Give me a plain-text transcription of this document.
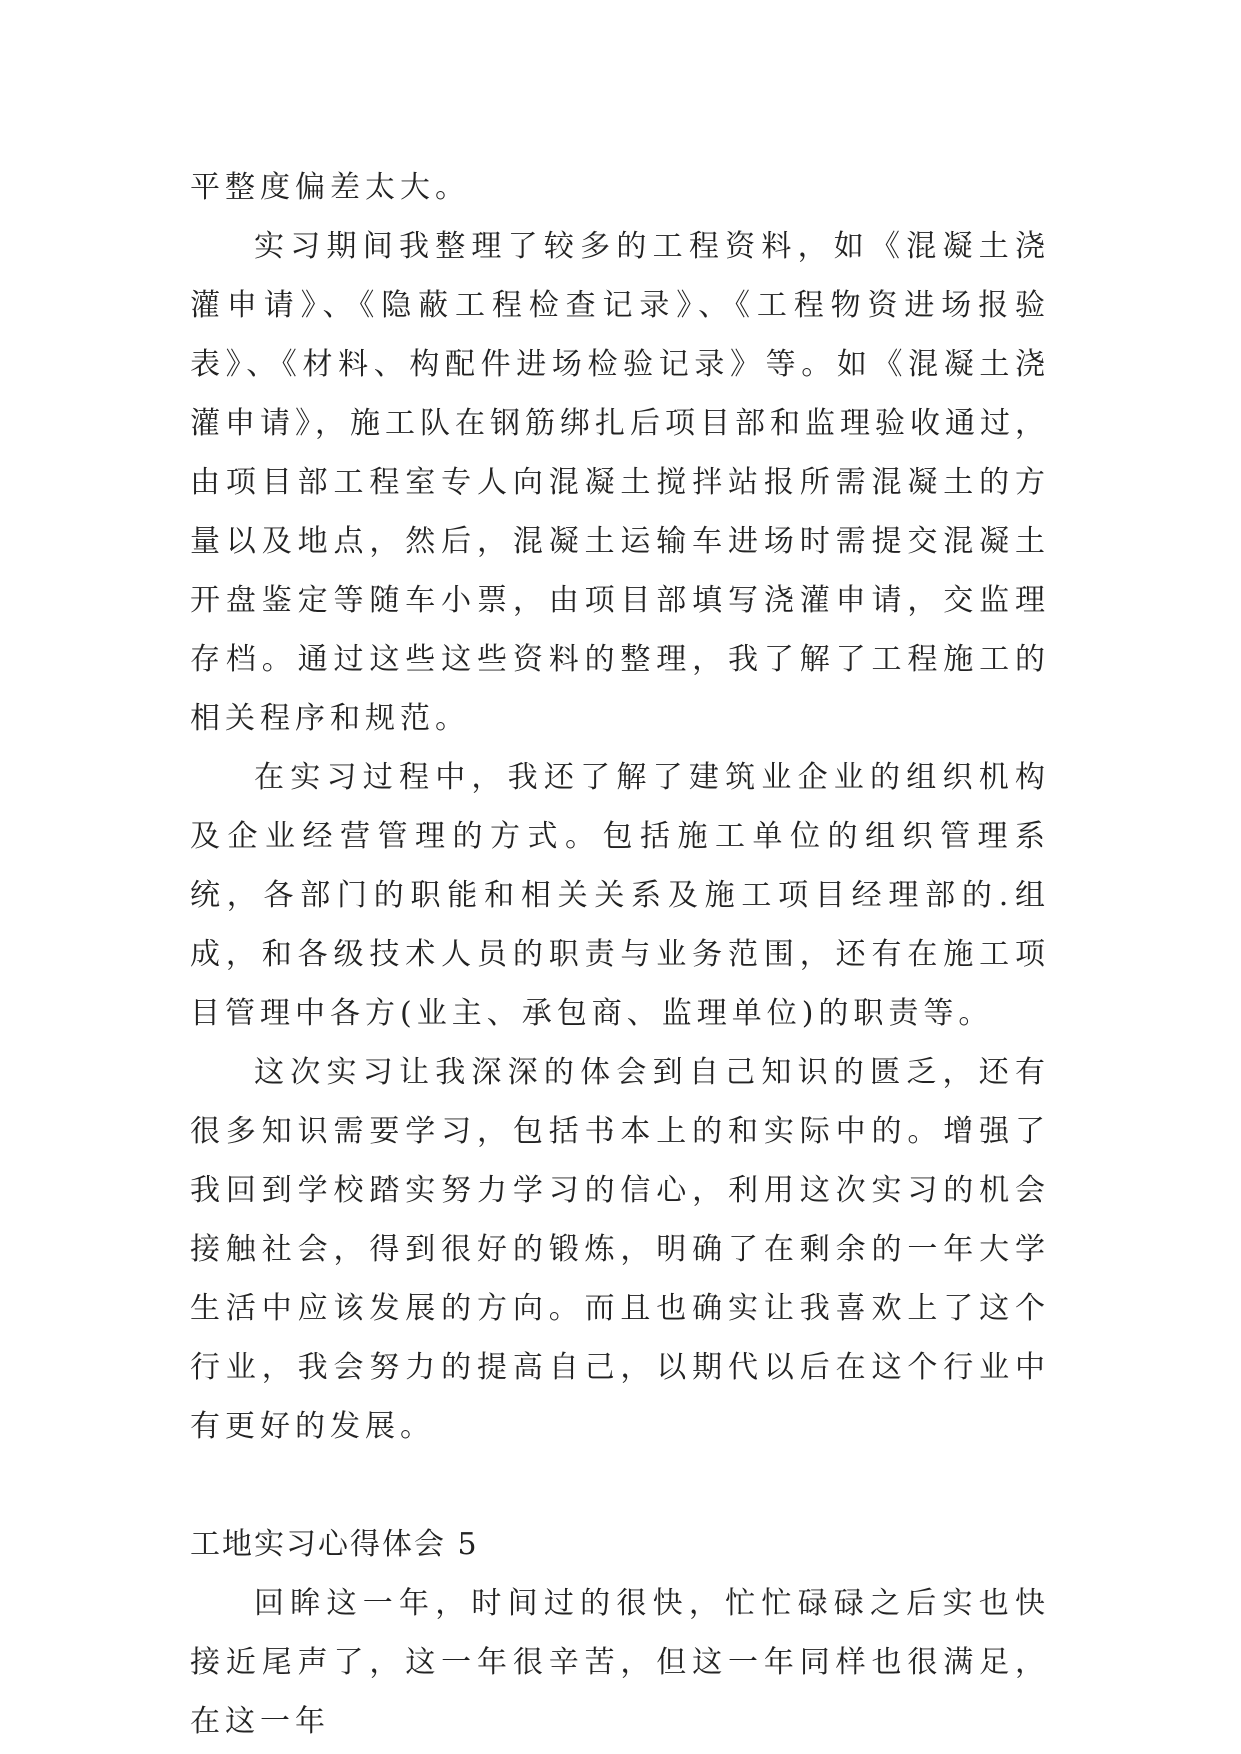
平整度偏差太大。

实习期间我整理了较多的工程资料，如《混凝土浇灌申请》、《隐蔽工程检查记录》、《工程物资进场报验表》、《材料、构配件进场检验记录》等。如《混凝土浇灌申请》，施工队在钢筋绑扎后项目部和监理验收通过，由项目部工程室专人向混凝土搅拌站报所需混凝土的方量以及地点，然后，混凝土运输车进场时需提交混凝土开盘鉴定等随车小票，由项目部填写浇灌申请，交监理存档。通过这些这些资料的整理，我了解了工程施工的相关程序和规范。

在实习过程中，我还了解了建筑业企业的组织机构及企业经营管理的方式。包括施工单位的组织管理系统，各部门的职能和相关关系及施工项目经理部的.组成，和各级技术人员的职责与业务范围，还有在施工项目管理中各方(业主、承包商、监理单位)的职责等。

这次实习让我深深的体会到自己知识的匮乏，还有很多知识需要学习，包括书本上的和实际中的。增强了我回到学校踏实努力学习的信心，利用这次实习的机会接触社会，得到很好的锻炼，明确了在剩余的一年大学生活中应该发展的方向。而且也确实让我喜欢上了这个行业，我会努力的提高自己，以期代以后在这个行业中有更好的发展。

工地实习心得体会 5

回眸这一年，时间过的很快，忙忙碌碌之后实也快接近尾声了，这一年很辛苦，但这一年同样也很满足，在这一年
